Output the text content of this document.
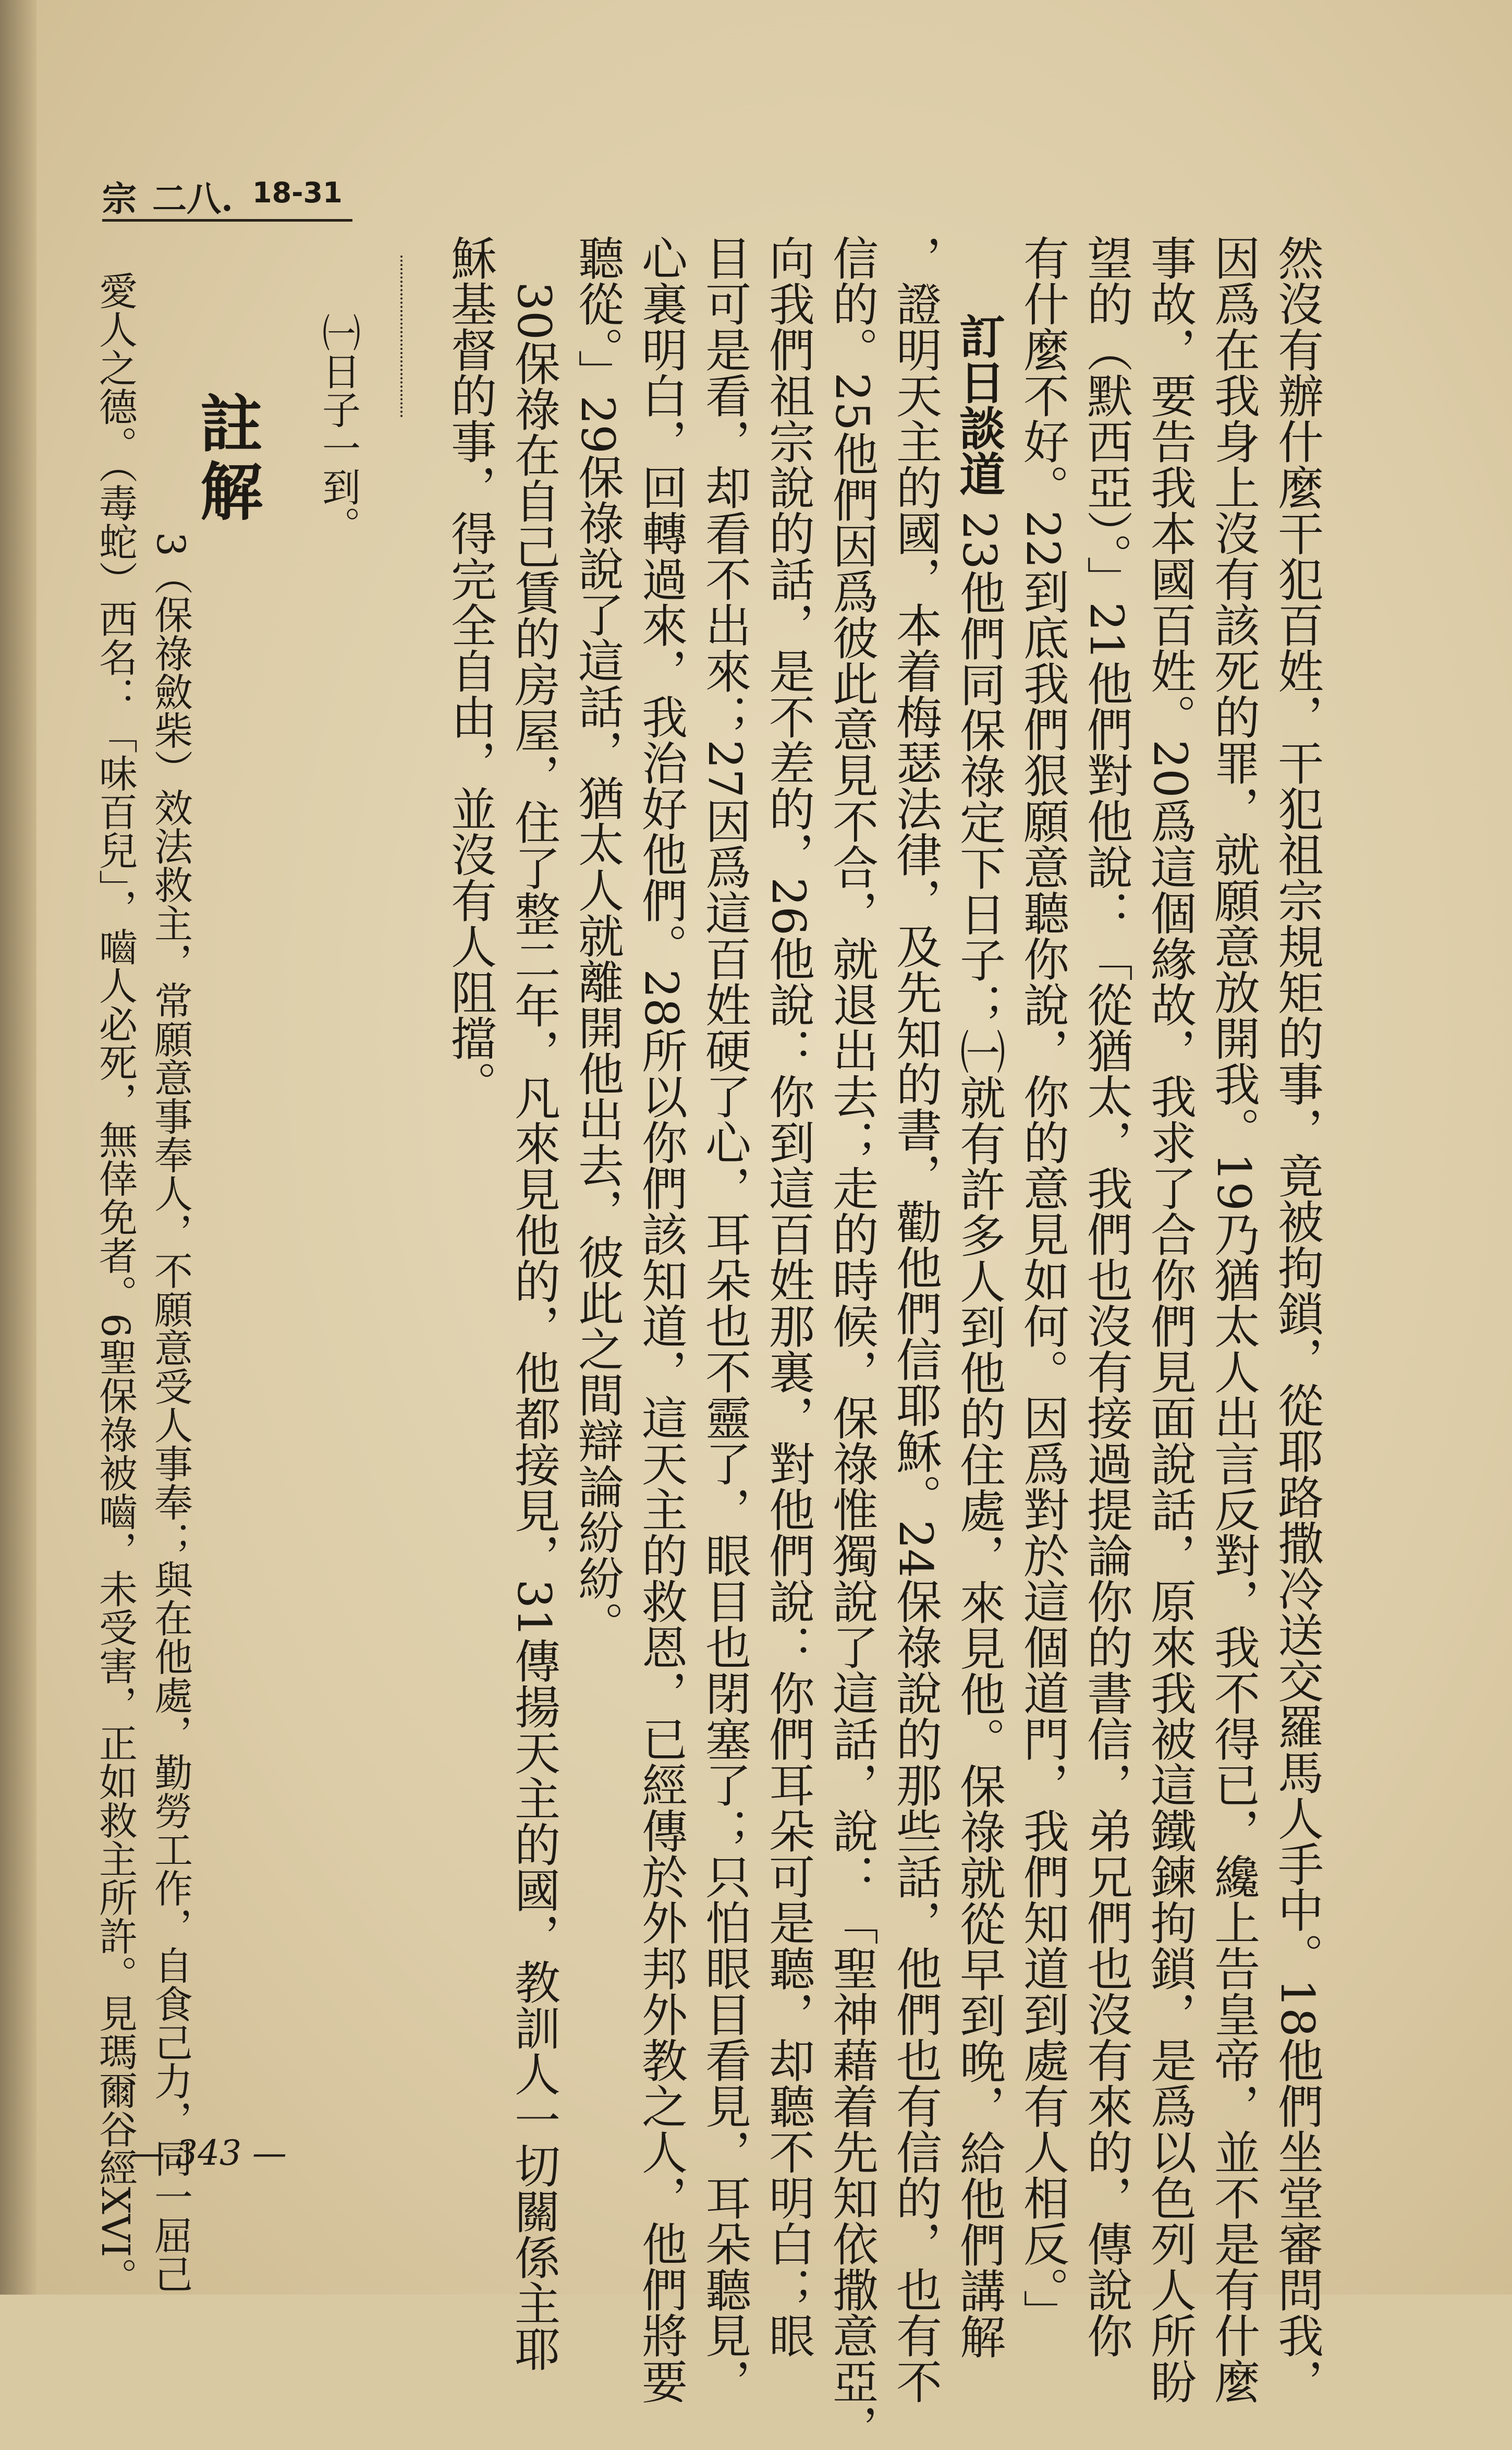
宗 二八. 18-31
然沒有辦什麼干犯百姓，干犯祖宗規矩的事，竟被拘鎖，從耶路撒冷送交羅馬人手中。18他們坐堂審問我，
因爲在我身上沒有該死的罪，就願意放開我。19乃猶太人出言反對，我不得已，纔上告皇帝，並不是有什麼
事故，要告我本國百姓。20爲這個緣故，我求了合你們見面說話，原來我被這鐵鍊拘鎖，是爲以色列人所盼
望的（默西亞）。」21他們對他說：「從猶太，我們也沒有接過提論你的書信，弟兄們也沒有來的，傳說你
有什麼不好。22到底我們狠願意聽你說，你的意見如何。因爲對於這個道門，我們知道到處有人相反。」
訂日談道
23他們同保祿定下日子；㈠就有許多人到他的住處，來見他。保祿就從早到晚，給他們講解
，證明天主的國，本着梅瑟法律，及先知的書，勸他們信耶穌。24保祿說的那些話，他們也有信的，也有不
信的。25他們因爲彼此意見不合，就退出去；走的時候，保祿惟獨說了這話，說：「聖神藉着先知依撒意亞，
向我們祖宗說的話，是不差的，26他說：你到這百姓那裏，對他們說：你們耳朵可是聽，却聽不明白；眼
目可是看，却看不出來；27因爲這百姓硬了心，耳朵也不靈了，眼目也閉塞了；只怕眼目看見，耳朵聽見，
心裏明白，回轉過來，我治好他們。28所以你們該知道，這天主的救恩，已經傳於外邦外教之人，他們將要
聽從。」29保祿說了這話，猶太人就離開他出去，彼此之間辯論紛紛。
30保祿在自己賃的房屋，住了整二年，凡來見他的，他都接見，31傳揚天主的國，教訓人一切關係主耶
穌基督的事，得完全自由，並沒有人阻擋。
㈠日子一到。
註解
3（保祿斂柴）效法救主，常願意事奉人，不願意受人事奉；與在他處，勤勞工作，自食己力，同一屈己
愛人之德。（毒蛇）西名：「味百兒」，嚙人必死，無倖免者。6聖保祿被嚙，未受害，正如救主所許。見瑪爾谷經XVI。
— 343 —
